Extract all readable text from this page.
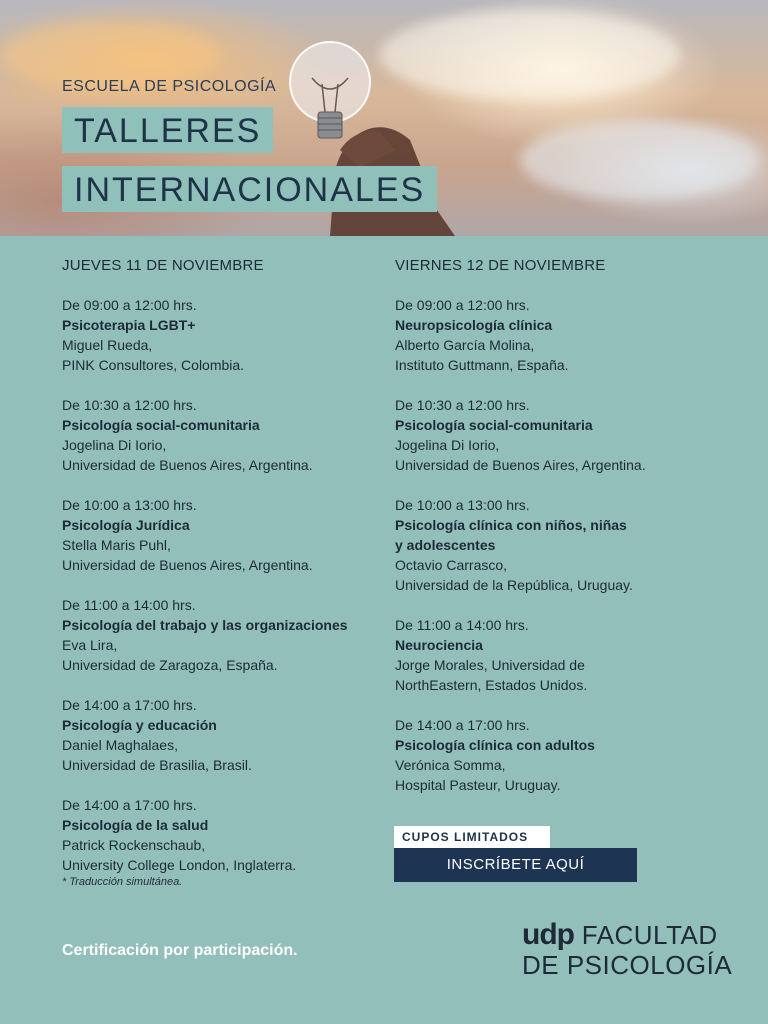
ESCUELA DE PSICOLOGÍA
TALLERES
INTERNACIONALES
JUEVES 11 DE NOVIEMBRE
De 09:00 a 12:00 hrs.
Psicoterapia LGBT+
Miguel Rueda,
PINK Consultores, Colombia.
De 10:30 a 12:00 hrs.
Psicología social-comunitaria
Jogelina Di Iorio,
Universidad de Buenos Aires, Argentina.
De 10:00 a 13:00 hrs.
Psicología Jurídica
Stella Maris Puhl,
Universidad de Buenos Aires, Argentina.
De 11:00 a 14:00 hrs.
Psicología del trabajo y las organizaciones
Eva Lira,
Universidad de Zaragoza, España.
De 14:00 a 17:00 hrs.
Psicología y educación
Daniel Maghalaes,
Universidad de Brasilia, Brasil.
De 14:00 a 17:00 hrs.
Psicología de la salud
Patrick Rockenschaub,
University College London, Inglaterra.
* Traducción simultánea.
VIERNES 12 DE NOVIEMBRE
De 09:00 a 12:00 hrs.
Neuropsicología clínica
Alberto García Molina,
Instituto Guttmann, España.
De 10:30 a 12:00 hrs.
Psicología social-comunitaria
Jogelina Di Iorio,
Universidad de Buenos Aires, Argentina.
De 10:00 a 13:00 hrs.
Psicología clínica con niños, niñas
y adolescentes
Octavio Carrasco,
Universidad de la República, Uruguay.
De 11:00 a 14:00 hrs.
Neurociencia
Jorge Morales, Universidad de
NorthEastern, Estados Unidos.
De 14:00 a 17:00 hrs.
Psicología clínica con adultos
Verónica Somma,
Hospital Pasteur, Uruguay.
CUPOS LIMITADOS
INSCRÍBETE AQUÍ
Certificación por participación.	udp FACULTAD
DE PSICOLOGÍA
